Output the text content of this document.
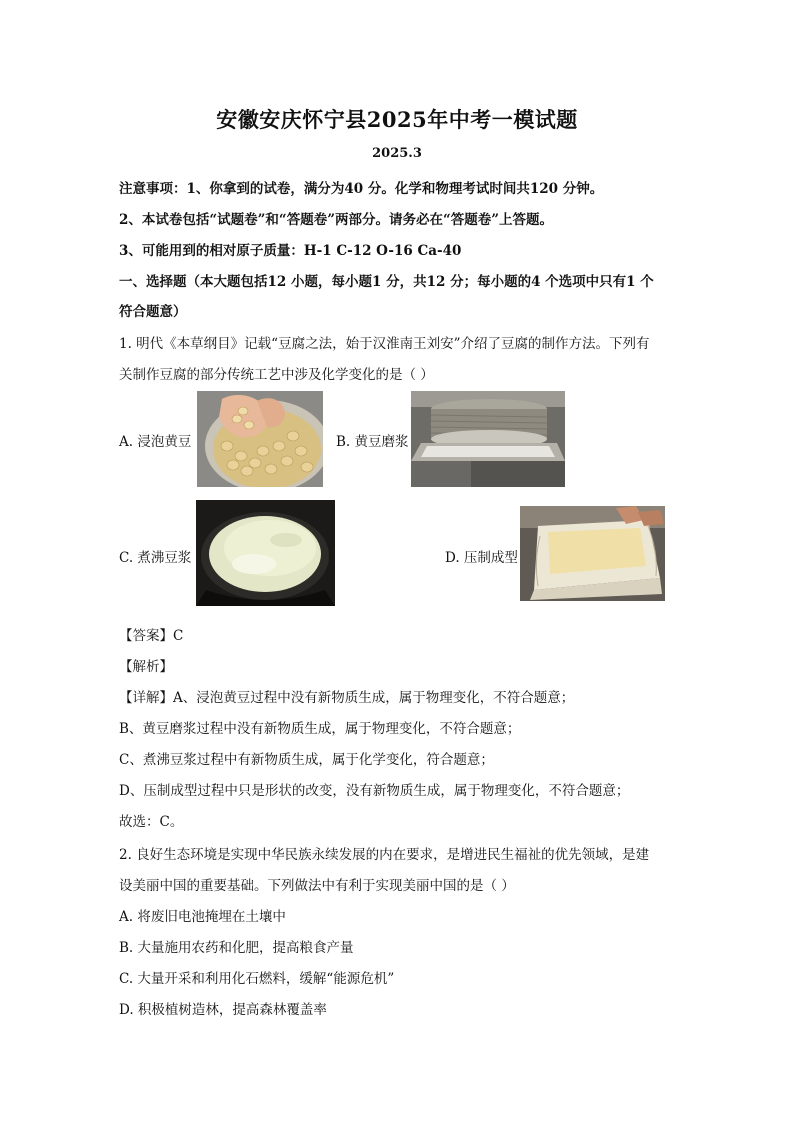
安徽安庆怀宁县2025年中考一模试题
2025.3
注意事项：1、你拿到的试卷，满分为40 分。化学和物理考试时间共120 分钟。
2、本试卷包括“试题卷”和“答题卷”两部分。请务必在“答题卷”上答题。
3、可能用到的相对原子质量：H-1 C-12 O-16 Ca-40
一、选择题（本大题包括12 小题，每小题1 分，共12 分；每小题的4 个选项中只有1 个
符合题意）
1. 明代《本草纲目》记载“豆腐之法，始于汉淮南王刘安”介绍了豆腐的制作方法。下列有
关制作豆腐的部分传统工艺中涉及化学变化的是（ ）
A. 浸泡黄豆	B. 黄豆磨浆
C. 煮沸豆浆	D. 压制成型
【答案】C
【解析】
【详解】A、浸泡黄豆过程中没有新物质生成，属于物理变化，不符合题意；
B、黄豆磨浆过程中没有新物质生成，属于物理变化，不符合题意；
C、煮沸豆浆过程中有新物质生成，属于化学变化，符合题意；
D、压制成型过程中只是形状的改变，没有新物质生成，属于物理变化，不符合题意；
故选：C。
2. 良好生态环境是实现中华民族永续发展的内在要求，是增进民生福祉的优先领域，是建
设美丽中国的重要基础。下列做法中有利于实现美丽中国的是（ ）
A. 将废旧电池掩埋在土壤中
B. 大量施用农药和化肥，提高粮食产量
C. 大量开采和利用化石燃料，缓解“能源危机”
D. 积极植树造林，提高森林覆盖率
